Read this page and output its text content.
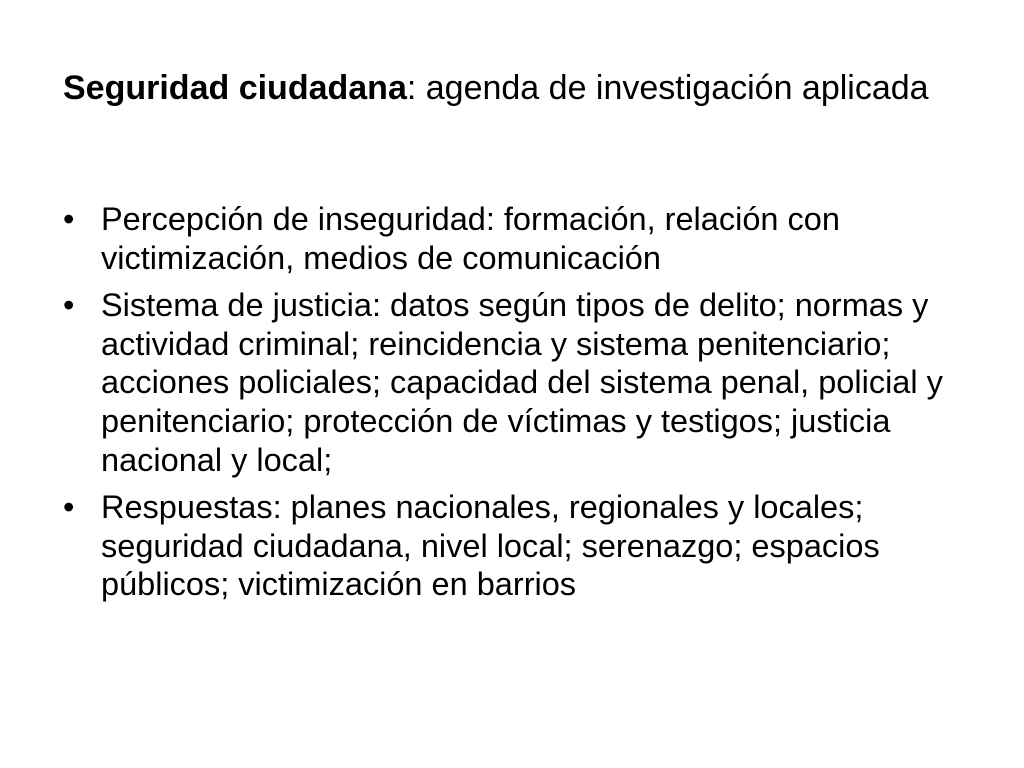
Seguridad ciudadana: agenda de investigación aplicada
• Percepción de inseguridad: formación, relación con victimización, medios de comunicación
• Sistema de justicia: datos según tipos de delito; normas y actividad criminal; reincidencia y sistema penitenciario; acciones policiales; capacidad del sistema penal, policial y penitenciario; protección de víctimas y testigos; justicia nacional y local;
• Respuestas: planes nacionales, regionales y locales; seguridad ciudadana, nivel local; serenazgo; espacios públicos; victimización en barrios
